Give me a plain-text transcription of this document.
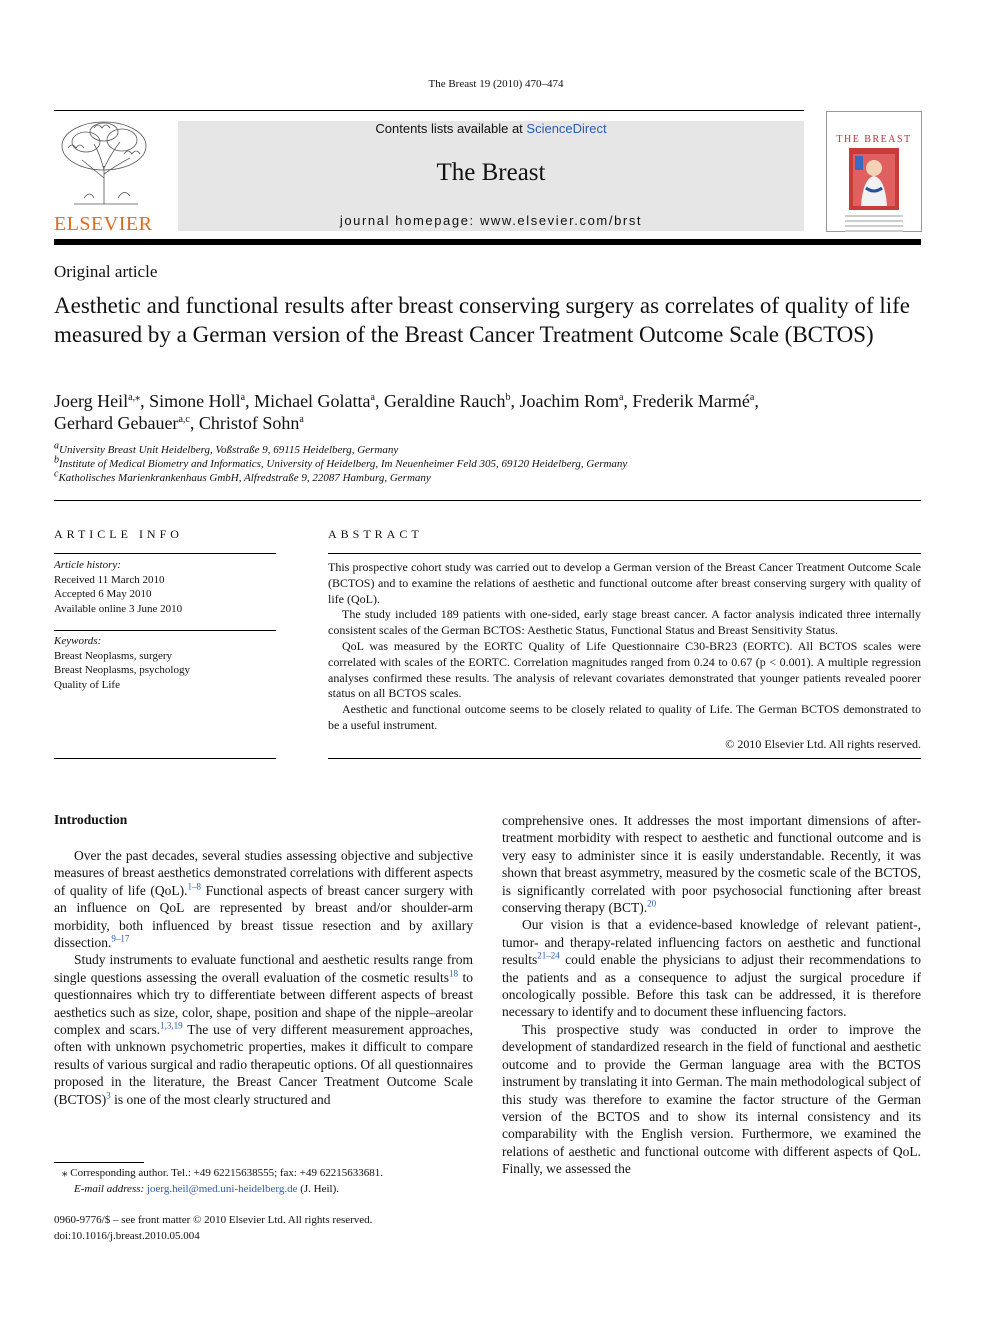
The Breast 19 (2010) 470–474
ELSEVIER
Contents lists available at ScienceDirect
The Breast
journal homepage: www.elsevier.com/brst
THE BREAST
Original article
Aesthetic and functional results after breast conserving surgery as correlates of quality of life measured by a German version of the Breast Cancer Treatment Outcome Scale (BCTOS)
Joerg Heil$^{a,⁎}$, Simone Holl$^a$, Michael Golatta$^a$, Geraldine Rauch$^b$, Joachim Rom$^a$, Frederik Marmé$^a$,
Gerhard Gebauer$^{a,c}$, Christof Sohn$^a$
$^a$University Breast Unit Heidelberg, Voßstraße 9, 69115 Heidelberg, Germany
$^b$Institute of Medical Biometry and Informatics, University of Heidelberg, Im Neuenheimer Feld 305, 69120 Heidelberg, Germany
$^c$Katholisches Marienkrankenhaus GmbH, Alfredstraße 9, 22087 Hamburg, Germany
ARTICLE INFO
Article history:
Received 11 March 2010
Accepted 6 May 2010
Available online 3 June 2010
Keywords:
Breast Neoplasms, surgery
Breast Neoplasms, psychology
Quality of Life
ABSTRACT

This prospective cohort study was carried out to develop a German version of the Breast Cancer Treatment Outcome Scale (BCTOS) and to examine the relations of aesthetic and functional outcome after breast conserving surgery with quality of life (QoL).

The study included 189 patients with one-sided, early stage breast cancer. A factor analysis indicated three internally consistent scales of the German BCTOS: Aesthetic Status, Functional Status and Breast Sensitivity Status.

QoL was measured by the EORTC Quality of Life Questionnaire C30-BR23 (EORTC). All BCTOS scales were correlated with scales of the EORTC. Correlation magnitudes ranged from 0.24 to 0.67 (p < 0.001). A multiple regression analyses confirmed these results. The analysis of relevant covariates demonstrated that younger patients revealed poorer status on all BCTOS scales.

Aesthetic and functional outcome seems to be closely related to quality of Life. The German BCTOS demonstrated to be a useful instrument.

© 2010 Elsevier Ltd. All rights reserved.
Introduction

Over the past decades, several studies assessing objective and subjective measures of breast aesthetics demonstrated correlations with different aspects of quality of life (QoL).$^{1-8}$ Functional aspects of breast cancer surgery with an influence on QoL are represented by breast and/or shoulder-arm morbidity, both influenced by breast tissue resection and by axillary dissection.$^{9-17}$

Study instruments to evaluate functional and aesthetic results range from single questions assessing the overall evaluation of the cosmetic results$^{18}$ to questionnaires which try to differentiate between different aspects of breast aesthetics such as size, color, shape, position and shape of the nipple–areolar complex and scars.$^{1,3,19}$ The use of very different measurement approaches, often with unknown psychometric properties, makes it difficult to compare results of various surgical and radio therapeutic options. Of all questionnaires proposed in the literature, the Breast Cancer Treatment Outcome Scale (BCTOS)$^3$ is one of the most clearly structured and

comprehensive ones. It addresses the most important dimensions of after-treatment morbidity with respect to aesthetic and functional outcome and is very easy to administer since it is easily understandable. Recently, it was shown that breast asymmetry, measured by the cosmetic scale of the BCTOS, is significantly correlated with poor psychosocial functioning after breast conserving therapy (BCT).$^{20}$

Our vision is that a evidence-based knowledge of relevant patient-, tumor- and therapy-related influencing factors on aesthetic and functional results$^{21-24}$ could enable the physicians to adjust their recommendations to the patients and as a consequence to adjust the surgical procedure if oncologically possible. Before this task can be addressed, it is therefore necessary to identify and to document these influencing factors.

This prospective study was conducted in order to improve the development of standardized research in the field of functional and aesthetic outcome and to provide the German language area with the BCTOS instrument by translating it into German. The main methodological subject of this study was therefore to examine the factor structure of the German version of the BCTOS and to show its internal consistency and its comparability with the English version. Furthermore, we examined the relations of aesthetic and functional outcome with different aspects of QoL. Finally, we assessed the

⁎ Corresponding author. Tel.: +49 62215638555; fax: +49 62215633681.
E-mail address: joerg.heil@med.uni-heidelberg.de (J. Heil).
0960-9776/$ – see front matter © 2010 Elsevier Ltd. All rights reserved.
doi:10.1016/j.breast.2010.05.004
